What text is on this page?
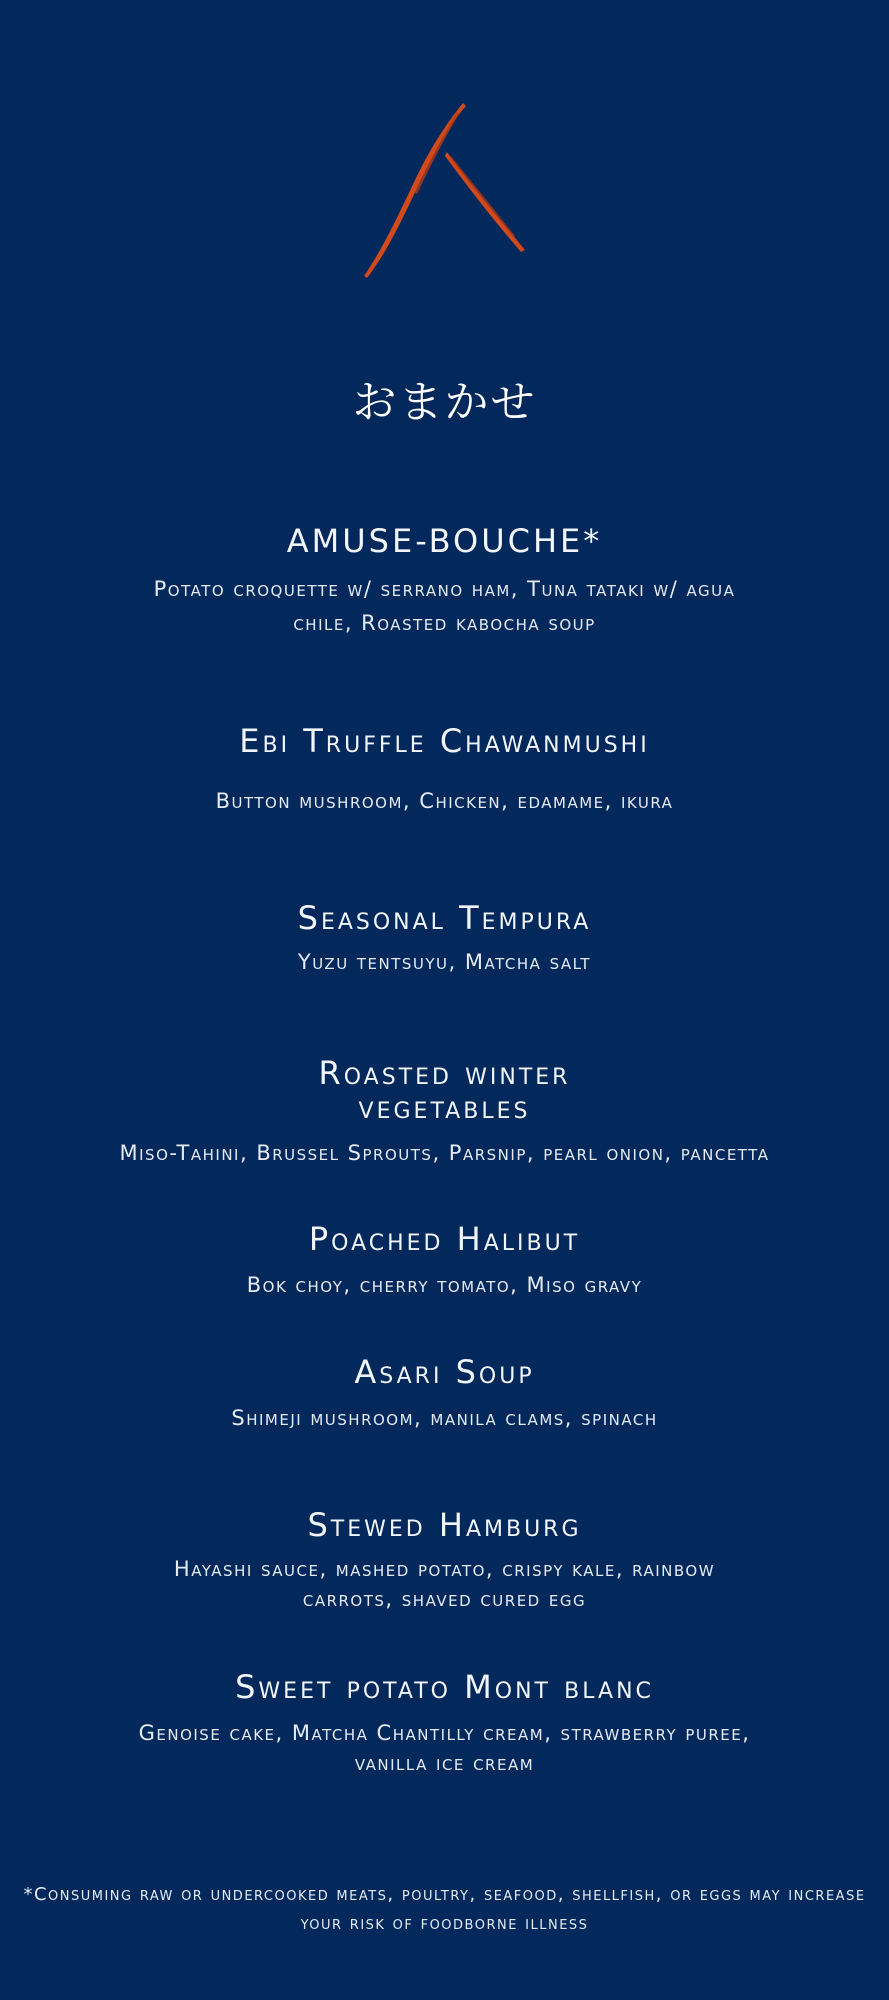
おまかせ
AMUSE-BOUCHE*
Potato croquette w/ serrano ham, Tuna tataki w/ agua chile, Roasted kabocha soup
Ebi Truffle Chawanmushi
Button mushroom, Chicken, edamame, ikura
Seasonal Tempura
Yuzu tentsuyu, Matcha salt
Roasted winter vegetables
Miso-Tahini, Brussel Sprouts, Parsnip, pearl onion, pancetta
Poached Halibut
Bok choy, cherry tomato, Miso gravy
Asari Soup
Shimeji mushroom, manila clams, spinach
Stewed Hamburg
Hayashi sauce, mashed potato, crispy kale, rainbow carrots, shaved cured egg
Sweet potato Mont blanc
Genoise cake, Matcha Chantilly cream, strawberry puree, vanilla ice cream
*Consuming raw or undercooked meats, poultry, seafood, shellfish, or eggs may increase your risk of foodborne illness
